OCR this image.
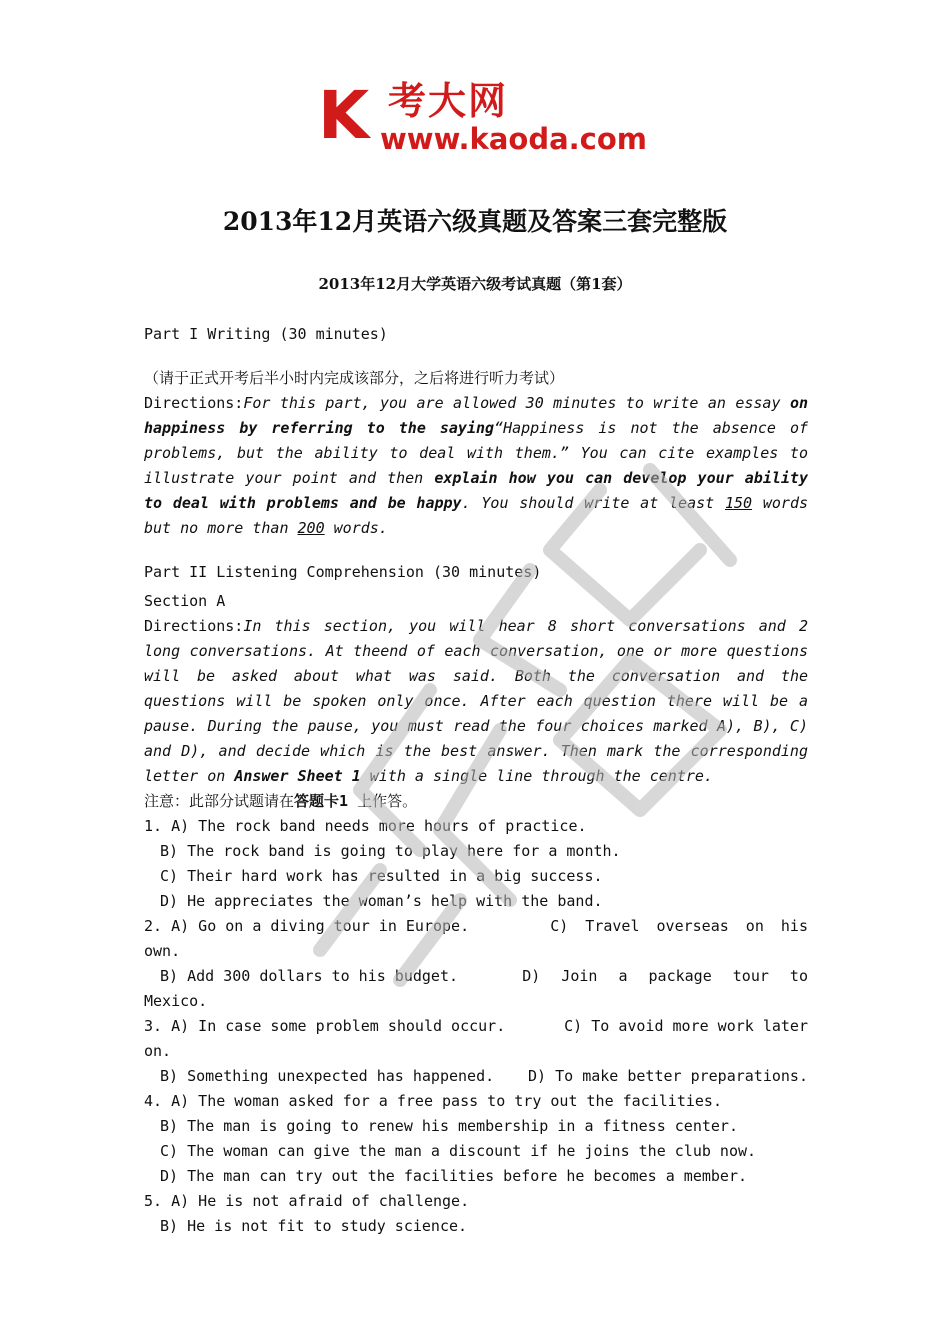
K 考大网
www.kaoda.com
2013年12月英语六级真题及答案三套完整版
2013年12月大学英语六级考试真题（第1套）

Part I Writing (30 minutes)

（请于正式开考后半小时内完成该部分，之后将进行听力考试）

Directions:For this part, you are allowed 30 minutes to write an essay on happiness by referring to the saying“Happiness is not the absence of problems, but the ability to deal with them.” You can cite examples to illustrate your point and then explain how you can develop your ability to deal with problems and be happy. You should write at least 150 words but no more than 200 words.

Part II Listening Comprehension (30 minutes)

Section A

Directions:In this section, you will hear 8 short conversations and 2 long conversations. At theend of each conversation, one or more questions will be asked about what was said. Both the conversation and the questions will be spoken only once. After each question there will be a pause. During the pause, you must read the four choices marked A), B), C) and D), and decide which is the best answer. Then mark the corresponding letter on Answer Sheet 1 with a single line through the centre.

注意：此部分试题请在答题卡1 上作答。

1. A) The rock band needs more hours of practice.

B) The rock band is going to play here for a month.

C) Their hard work has resulted in a big success.

D) He appreciates the woman’s help with the band.

2. A) Go on a diving tour in Europe.	C) Travel overseas on his

own.

B) Add 300 dollars to his budget.	D) Join a package tour to

Mexico.

3. A) In case some problem should occur.	C) To avoid more work later

on.

B) Something unexpected has happened. D) To make better preparations.

4. A) The woman asked for a free pass to try out the facilities.

B) The man is going to renew his membership in a fitness center.

C) The woman can give the man a discount if he joins the club now.

D) The man can try out the facilities before he becomes a member.

5. A) He is not afraid of challenge.

B) He is not fit to study science.
